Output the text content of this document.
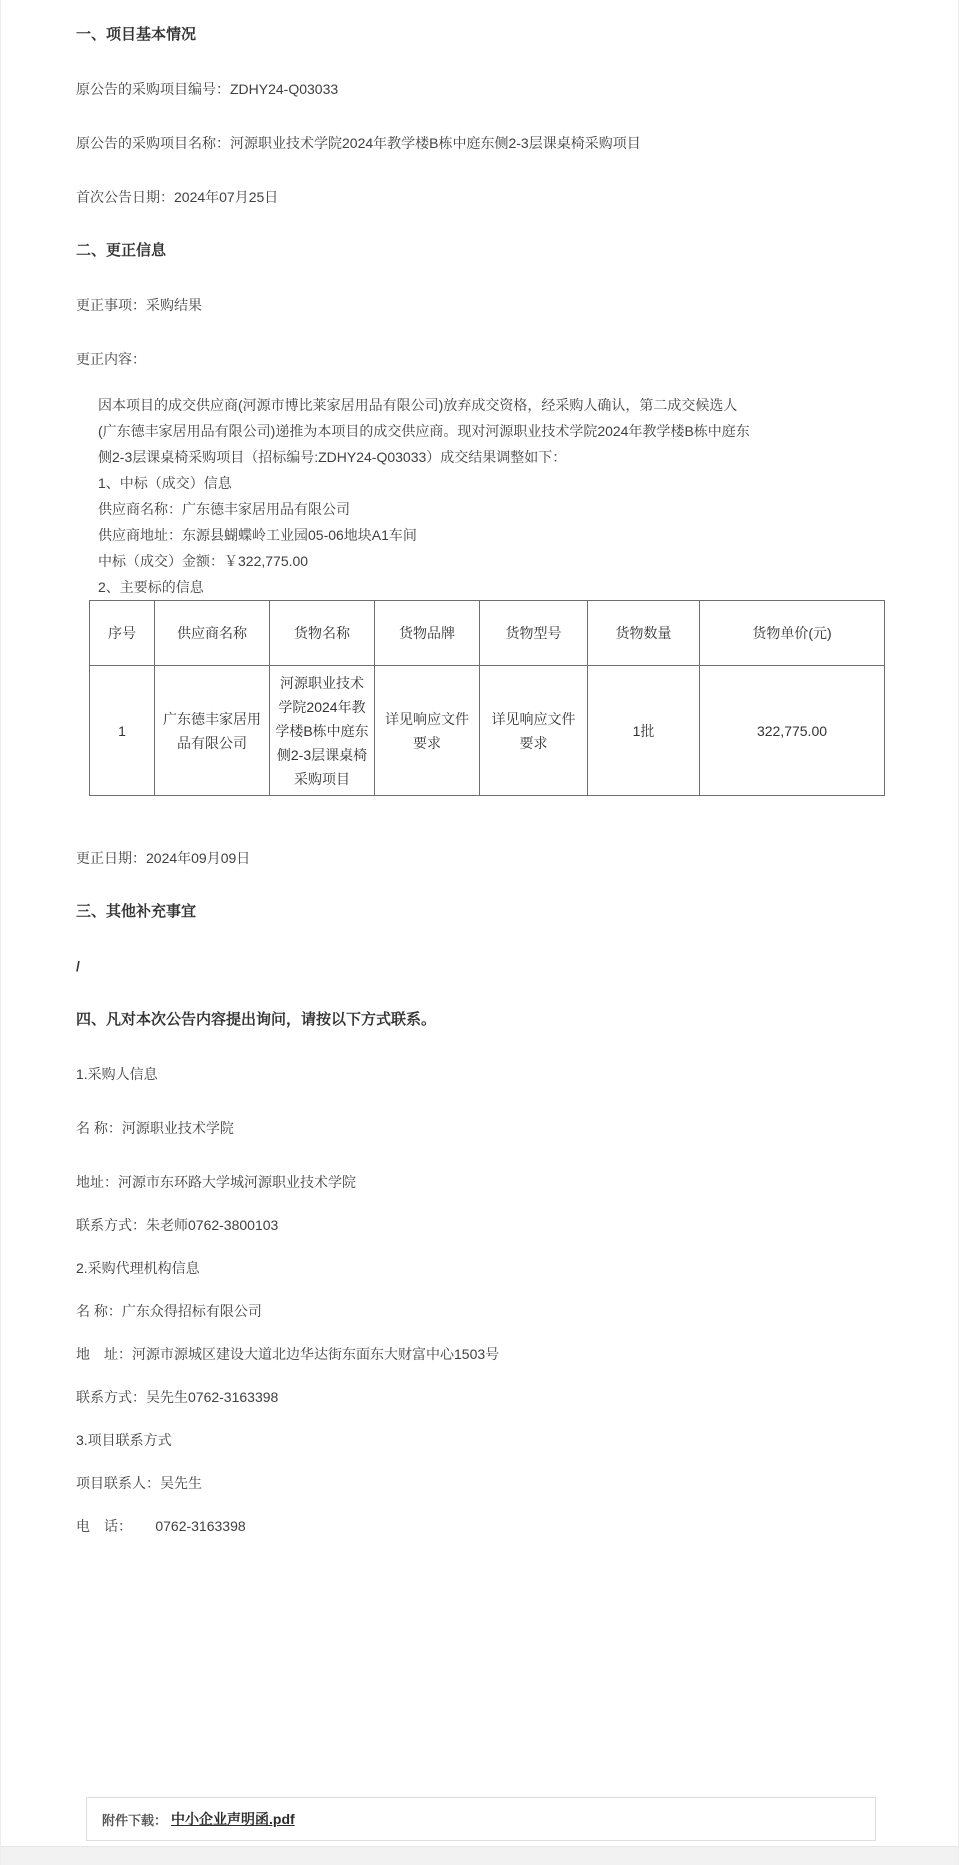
一、项目基本情况

原公告的采购项目编号：ZDHY24-Q03033

原公告的采购项目名称：河源职业技术学院2024年教学楼B栋中庭东侧2-3层课桌椅采购项目

首次公告日期：2024年07月25日

二、更正信息

更正事项：采购结果

更正内容：

因本项目的成交供应商(河源市博比莱家居用品有限公司)放弃成交资格，经采购人确认，第二成交候选人(广东德丰家居用品有限公司)递推为本项目的成交供应商。现对河源职业技术学院2024年教学楼B栋中庭东侧2-3层课桌椅采购项目（招标编号:ZDHY24-Q03033）成交结果调整如下：

1、中标（成交）信息

供应商名称：广东德丰家居用品有限公司

供应商地址：东源县蝴蝶岭工业园05-06地块A1车间

中标（成交）金额：￥322,775.00

2、主要标的信息

序号	供应商名称	货物名称	货物品牌	货物型号	货物数量	货物单价(元)
1	广东德丰家居用品有限公司	河源职业技术学院2024年教学楼B栋中庭东侧2-3层课桌椅采购项目	详见响应文件要求	详见响应文件要求	1批	322,775.00

更正日期：2024年09月09日

三、其他补充事宜

/

四、凡对本次公告内容提出询问，请按以下方式联系。

1.采购人信息

名 称：河源职业技术学院

地址：河源市东环路大学城河源职业技术学院

联系方式：朱老师0762-3800103

2.采购代理机构信息

名 称：广东众得招标有限公司

地　址：河源市源城区建设大道北边华达街东面东大财富中心1503号

联系方式：吴先生0762-3163398

3.项目联系方式

项目联系人：吴先生

电　话：      0762-3163398

附件下载： 中小企业声明函.pdf
